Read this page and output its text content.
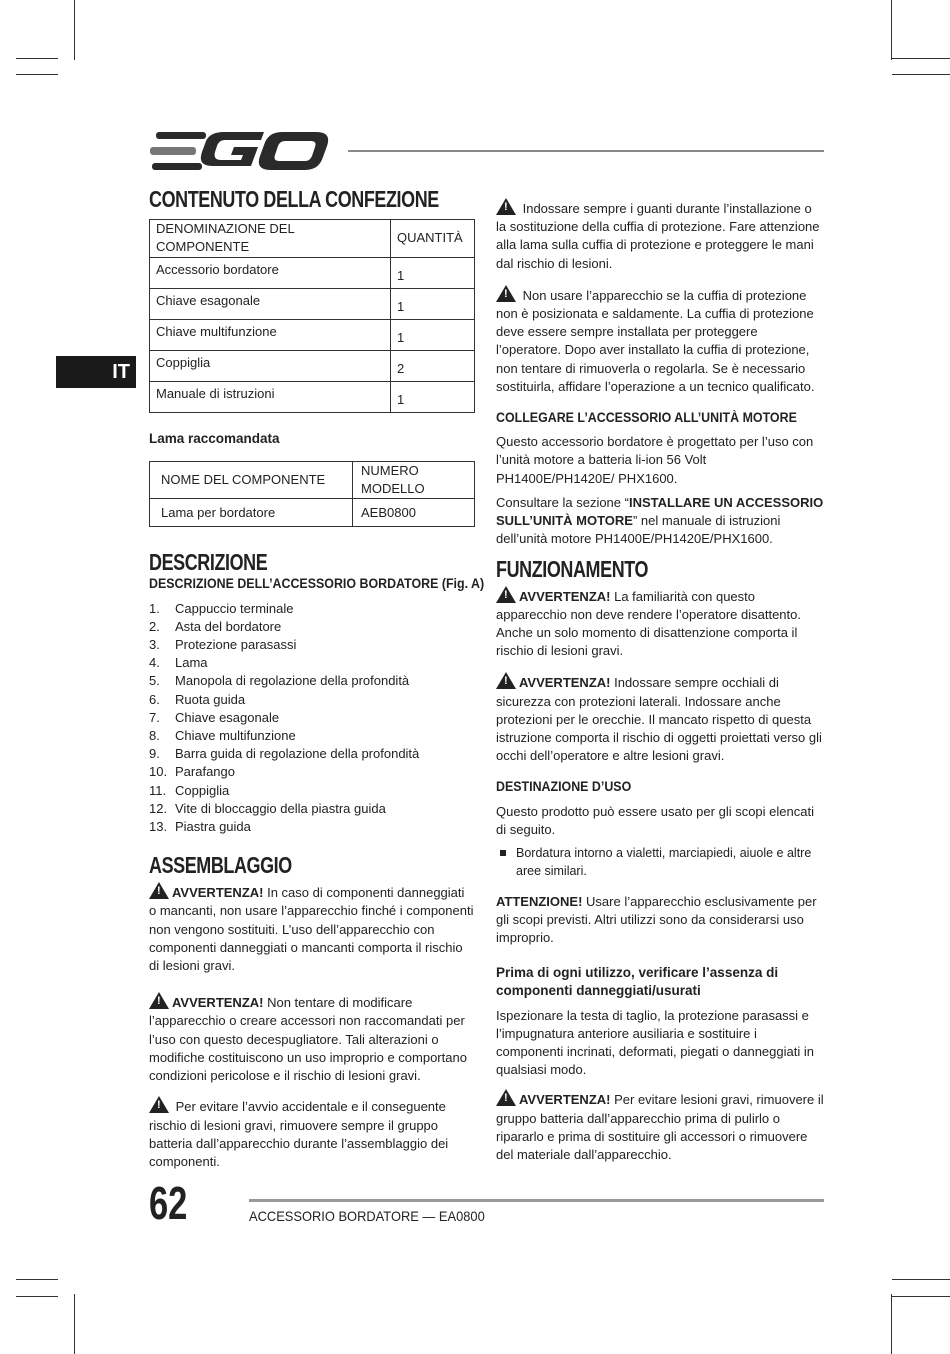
IT
CONTENUTO DELLA CONFEZIONE
DENOMINAZIONE DEL COMPONENTE	QUANTITÀ
Accessorio bordatore	1
Chiave esagonale	1
Chiave multifunzione	1
Coppiglia	2
Manuale di istruzioni	1

Lama raccomandata

NOME DEL COMPONENTE	NUMERO MODELLO
Lama per bordatore	AEB0800
DESCRIZIONE

DESCRIZIONE DELL’ACCESSORIO BORDATORE (Fig. A)

1.	Cappuccio terminale
2.	Asta del bordatore
3.	Protezione parasassi
4.	Lama
5.	Manopola di regolazione della profondità
6.	Ruota guida
7.	Chiave esagonale
8.	Chiave multifunzione
9.	Barra guida di regolazione della profondità
10. Parafango
11. Coppiglia
12. Vite di bloccaggio della piastra guida
13. Piastra guida
ASSEMBLAGGIO

!AVVERTENZA! In caso di componenti danneggiati o mancanti, non usare l’apparecchio finché i componenti non vengono sostituiti. L’uso dell’apparecchio con componenti danneggiati o mancanti comporta il rischio di lesioni gravi.

!AVVERTENZA! Non tentare di modificare l’apparecchio o creare accessori non raccomandati per l’uso con questo decespugliatore. Tali alterazioni o modifiche costituiscono un uso improprio e comportano condizioni pericolose e il rischio di lesioni gravi.

! Per evitare l’avvio accidentale e il conseguente rischio di lesioni gravi, rimuovere sempre il gruppo batteria dall’apparecchio durante l’assemblaggio dei componenti.

! Indossare sempre i guanti durante l’installazione o la sostituzione della cuffia di protezione. Fare attenzione alla lama sulla cuffia di protezione e proteggere le mani dal rischio di lesioni.

! Non usare l’apparecchio se la cuffia di protezione non è posizionata e saldamente. La cuffia di protezione deve essere sempre installata per proteggere l’operatore. Dopo aver installato la cuffia di protezione, non tentare di rimuoverla o regolarla. Se è necessario sostituirla, affidare l’operazione a un tecnico qualificato.

COLLEGARE L’ACCESSORIO ALL’UNITÀ MOTORE

Questo accessorio bordatore è progettato per l’uso con l’unità motore a batteria li-ion 56 Volt PH1400E/PH1420E/ PHX1600.

Consultare la sezione “INSTALLARE UN ACCESSORIO SULL’UNITÀ MOTORE” nel manuale di istruzioni dell’unità motore PH1400E/PH1420E/PHX1600.

FUNZIONAMENTO

!AVVERTENZA! La familiarità con questo apparecchio non deve rendere l’operatore disattento. Anche un solo momento di disattenzione comporta il rischio di lesioni gravi.

!AVVERTENZA! Indossare sempre occhiali di sicurezza con protezioni laterali. Indossare anche protezioni per le orecchie. Il mancato rispetto di questa istruzione comporta il rischio di oggetti proiettati verso gli occhi dell’operatore e altre lesioni gravi.

DESTINAZIONE D’USO

Questo prodotto può essere usato per gli scopi elencati di seguito.

Bordatura intorno a vialetti, marciapiedi, aiuole e altre aree similari.

ATTENZIONE! Usare l’apparecchio esclusivamente per gli scopi previsti. Altri utilizzi sono da considerarsi uso improprio.

Prima di ogni utilizzo, verificare l’assenza di componenti danneggiati/usurati

Ispezionare la testa di taglio, la protezione parasassi e l’impugnatura anteriore ausiliaria e sostituire i componenti incrinati, deformati, piegati o danneggiati in qualsiasi modo.

!AVVERTENZA! Per evitare lesioni gravi, rimuovere il gruppo batteria dall’apparecchio prima di pulirlo o ripararlo e prima di sostituire gli accessori o rimuovere del materiale dall’apparecchio.

62	ACCESSORIO BORDATORE — EA0800
